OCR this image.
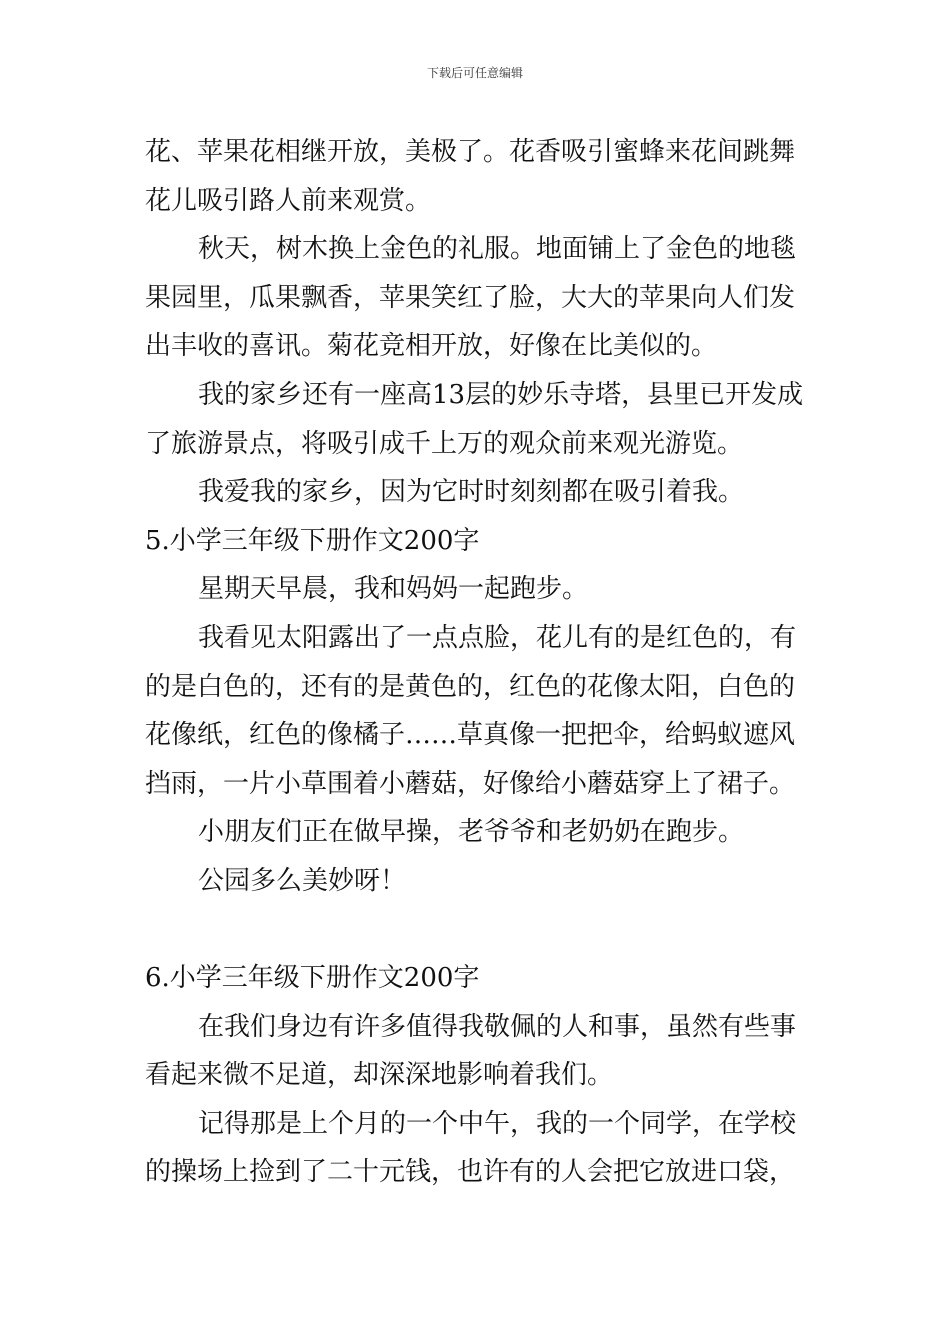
下载后可任意编辑
花、苹果花相继开放，美极了。花香吸引蜜蜂来花间跳舞
花儿吸引路人前来观赏。
秋天，树木换上金色的礼服。地面铺上了金色的地毯
果园里，瓜果飘香，苹果笑红了脸，大大的苹果向人们发
出丰收的喜讯。菊花竞相开放，好像在比美似的。
我的家乡还有一座高13层的妙乐寺塔，县里已开发成
了旅游景点，将吸引成千上万的观众前来观光游览。
我爱我的家乡，因为它时时刻刻都在吸引着我。
5.小学三年级下册作文200字
星期天早晨，我和妈妈一起跑步。
我看见太阳露出了一点点脸，花儿有的是红色的，有
的是白色的，还有的是黄色的，红色的花像太阳，白色的
花像纸，红色的像橘子……草真像一把把伞，给蚂蚁遮风
挡雨，一片小草围着小蘑菇，好像给小蘑菇穿上了裙子。
小朋友们正在做早操，老爷爷和老奶奶在跑步。
公园多么美妙呀！
6.小学三年级下册作文200字
在我们身边有许多值得我敬佩的人和事，虽然有些事
看起来微不足道，却深深地影响着我们。
记得那是上个月的一个中午，我的一个同学，在学校
的操场上捡到了二十元钱，也许有的人会把它放进口袋，
